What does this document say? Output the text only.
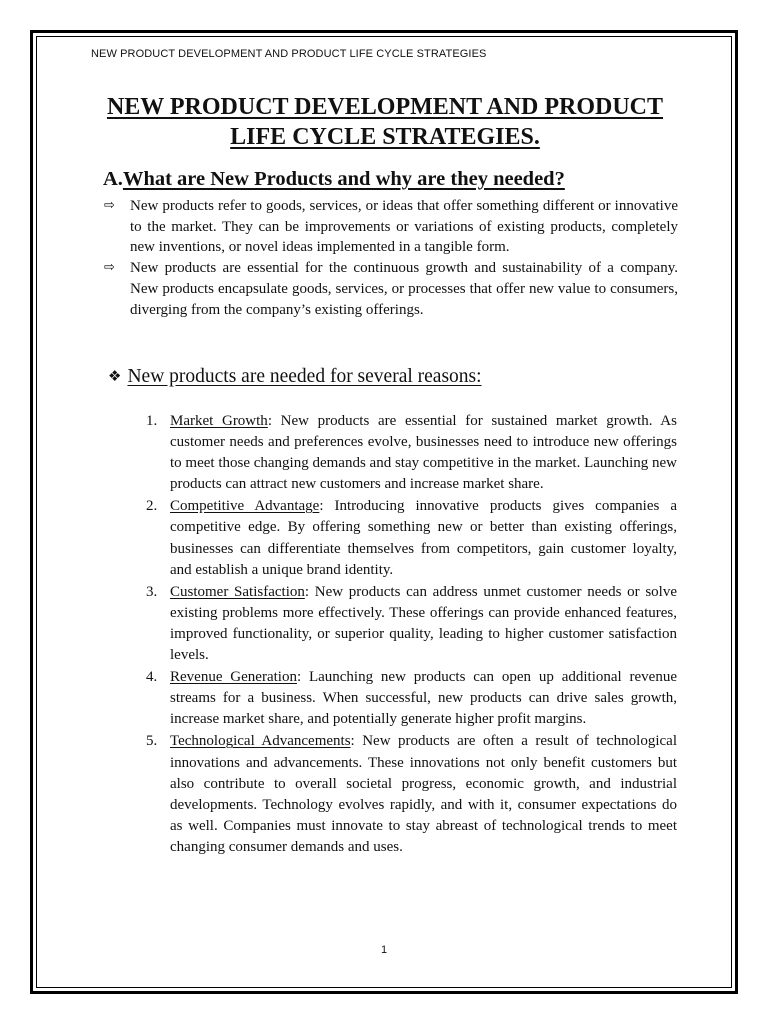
NEW PRODUCT DEVELOPMENT AND PRODUCT LIFE CYCLE STRATEGIES
NEW PRODUCT DEVELOPMENT AND PRODUCT
LIFE CYCLE STRATEGIES.
A.What are New Products and why are they needed?
⇨ New products refer to goods, services, or ideas that offer something different or innovative to the market. They can be improvements or variations of existing products, completely new inventions, or novel ideas implemented in a tangible form.
⇨ New products are essential for the continuous growth and sustainability of a company. New products encapsulate goods, services, or processes that offer new value to consumers, diverging from the company’s existing offerings.
❖ New products are needed for several reasons:
1. Market Growth: New products are essential for sustained market growth. As customer needs and preferences evolve, businesses need to introduce new offerings to meet those changing demands and stay competitive in the market. Launching new products can attract new customers and increase market share.
2. Competitive Advantage: Introducing innovative products gives companies a competitive edge. By offering something new or better than existing offerings, businesses can differentiate themselves from competitors, gain customer loyalty, and establish a unique brand identity.
3. Customer Satisfaction: New products can address unmet customer needs or solve existing problems more effectively. These offerings can provide enhanced features, improved functionality, or superior quality, leading to higher customer satisfaction levels.
4. Revenue Generation: Launching new products can open up additional revenue streams for a business. When successful, new products can drive sales growth, increase market share, and potentially generate higher profit margins.
5. Technological Advancements: New products are often a result of technological innovations and advancements. These innovations not only benefit customers but also contribute to overall societal progress, economic growth, and industrial developments. Technology evolves rapidly, and with it, consumer expectations do as well. Companies must innovate to stay abreast of technological trends to meet changing consumer demands and uses.
1
